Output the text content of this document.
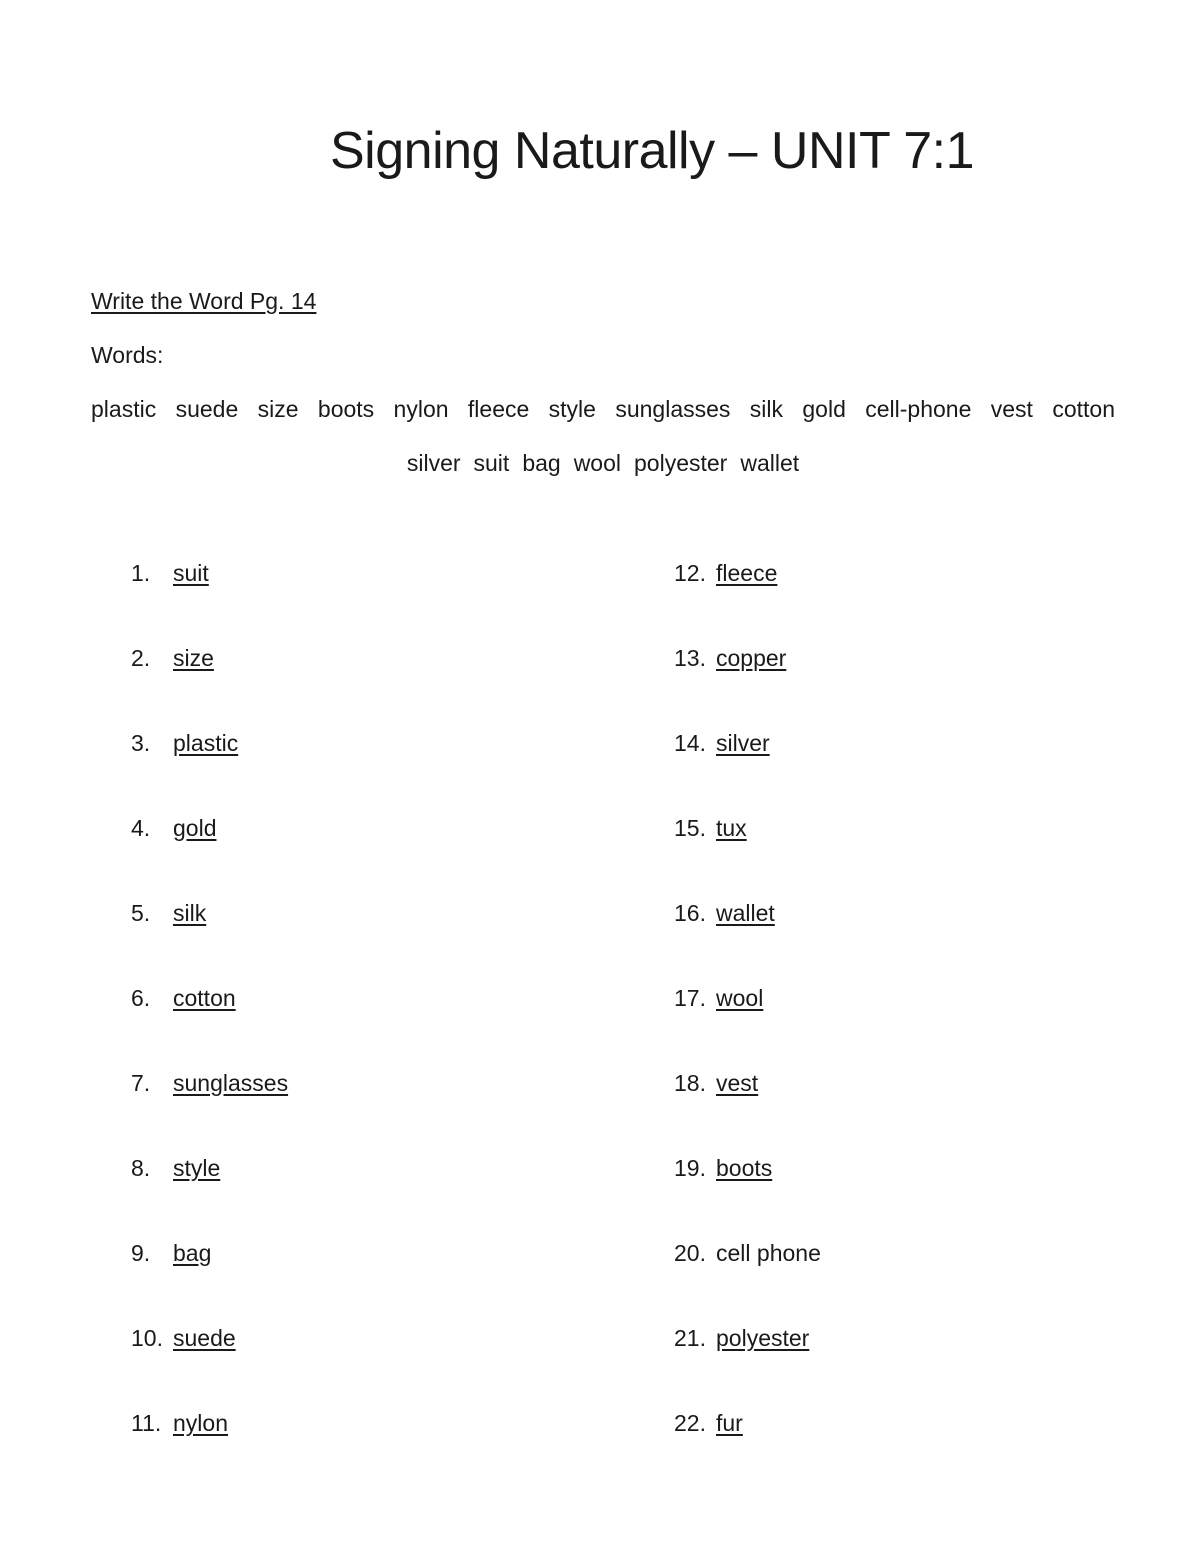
Signing Naturally – UNIT 7:1
Write the Word Pg. 14
Words:
plastic suede size boots nylon fleece style sunglasses silk gold cell-phone vest cotton
silver suit bag wool polyester wallet
1. suit
2. size
3. plastic
4. gold
5. silk
6. cotton
7. sunglasses
8. style
9. bag
10. suede
11. nylon
12. fleece
13. copper
14. silver
15. tux
16. wallet
17. wool
18. vest
19. boots
20. cell phone
21. polyester
22. fur
